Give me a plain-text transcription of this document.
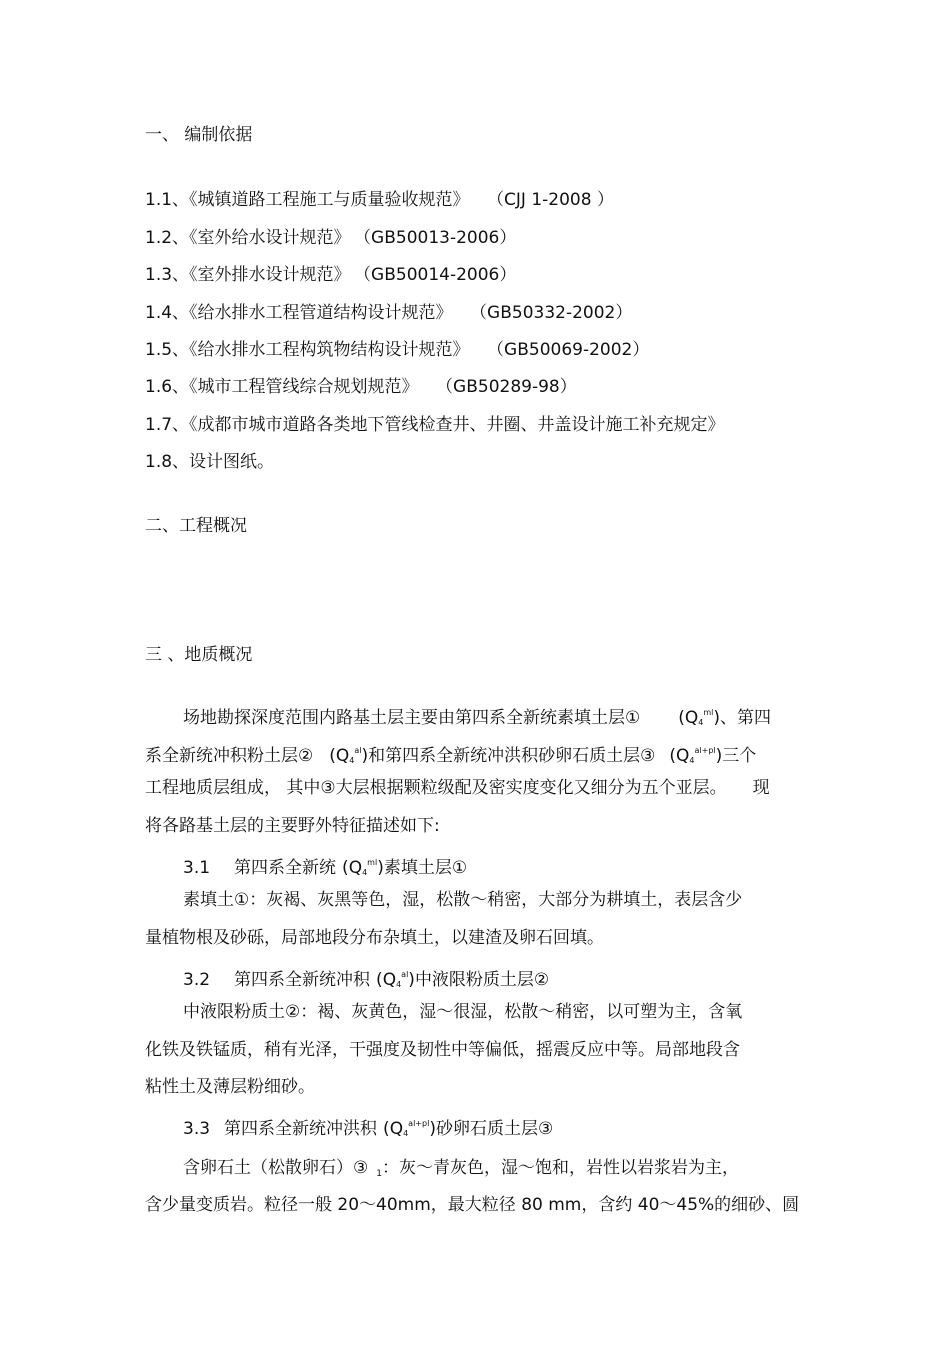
一、 编制依据
1.1、《城镇道路工程施工与质量验收规范》 （CJJ 1-2008 ）
1.2、《室外给水设计规范》 （GB50013-2006）
1.3、《室外排水设计规范》 （GB50014-2006）
1.4、《给水排水工程管道结构设计规范》 （GB50332-2002）
1.5、《给水排水工程构筑物结构设计规范》 （GB50069-2002）
1.6、《城市工程管线综合规划规范》 （GB50289-98）
1.7、《成都市城市道路各类地下管线检查井、井圈、井盖设计施工补充规定》
1.8、设计图纸。
二、工程概况
三 、地质概况
场地勘探深度范围内路基土层主要由第四系全新统素填土层① $(Q_4^{ml})$、第四
系全新统冲积粉土层② $(Q_4^{al})$和第四系全新统冲洪积砂卵石质土层③ $(Q_4^{al+pl})$三个
工程地质层组成， 其中③大层根据颗粒级配及密实度变化又细分为五个亚层。 现
将各路基土层的主要野外特征描述如下:
3.1 第四系全新统 $(Q_4^{ml})$素填土层①
素填土①：灰褐、灰黑等色，湿，松散～稍密，大部分为耕填土，表层含少
量植物根及砂砾，局部地段分布杂填土，以建渣及卵石回填。
3.2 第四系全新统冲积 $(Q_4^{al})$中液限粉质土层②
中液限粉质土②：褐、灰黄色，湿～很湿，松散～稍密，以可塑为主，含氧
化铁及铁锰质，稍有光泽，干强度及韧性中等偏低，摇震反应中等。局部地段含
粘性土及薄层粉细砂。
3.3 第四系全新统冲洪积 $(Q_4^{al+pl})$砂卵石质土层③
含卵石土（松散卵石）③ 1：灰～青灰色，湿～饱和，岩性以岩浆岩为主，
含少量变质岩。粒径一般 20～40mm，最大粒径 80 mm，含约 40～45%的细砂、圆
